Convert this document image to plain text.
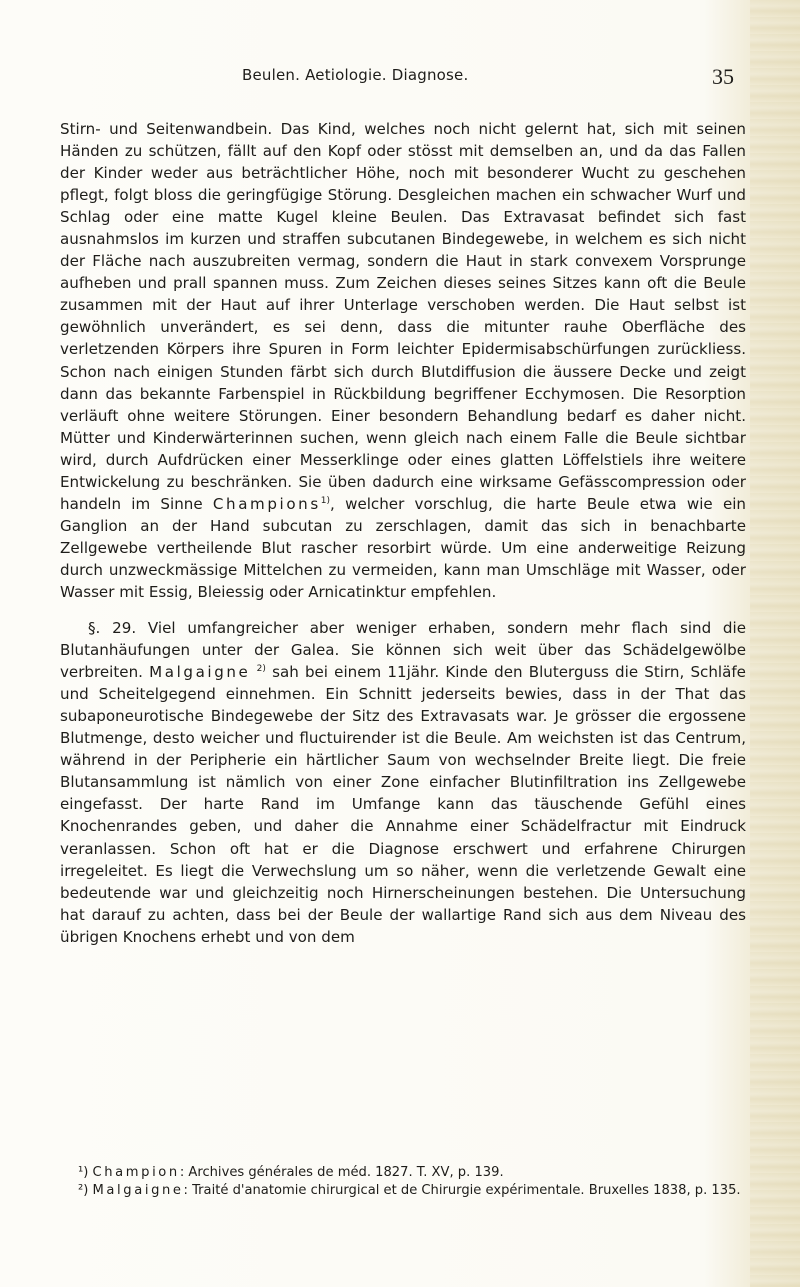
Beulen. Aetiologie. Diagnose.	35

Stirn- und Seitenwandbein. Das Kind, welches noch nicht gelernt hat, sich mit seinen Händen zu schützen, fällt auf den Kopf oder stösst mit demselben an, und da das Fallen der Kinder weder aus beträchtlicher Höhe, noch mit besonderer Wucht zu geschehen pflegt, folgt bloss die geringfügige Störung. Desgleichen machen ein schwacher Wurf und Schlag oder eine matte Kugel kleine Beulen. Das Extravasat befindet sich fast ausnahmslos im kurzen und straffen subcutanen Bindegewebe, in welchem es sich nicht der Fläche nach auszubreiten vermag, sondern die Haut in stark convexem Vorsprunge aufheben und prall spannen muss. Zum Zeichen dieses seines Sitzes kann oft die Beule zusammen mit der Haut auf ihrer Unterlage verschoben werden. Die Haut selbst ist gewöhnlich unverändert, es sei denn, dass die mitunter rauhe Oberfläche des verletzenden Körpers ihre Spuren in Form leichter Epidermisabschürfungen zurückliess. Schon nach einigen Stunden färbt sich durch Blutdiffusion die äussere Decke und zeigt dann das bekannte Farbenspiel in Rückbildung begriffener Ecchymosen. Die Resorption verläuft ohne weitere Störungen. Einer besondern Behandlung bedarf es daher nicht. Mütter und Kinderwärterinnen suchen, wenn gleich nach einem Falle die Beule sichtbar wird, durch Aufdrücken einer Messerklinge oder eines glatten Löffelstiels ihre weitere Entwickelung zu beschränken. Sie üben dadurch eine wirksame Gefässcompression oder handeln im Sinne Champions$^{1)}$, welcher vorschlug, die harte Beule etwa wie ein Ganglion an der Hand subcutan zu zerschlagen, damit das sich in benachbarte Zellgewebe vertheilende Blut rascher resorbirt würde. Um eine anderweitige Reizung durch unzweckmässige Mittelchen zu vermeiden, kann man Umschläge mit Wasser, oder Wasser mit Essig, Bleiessig oder Arnicatinktur empfehlen.

§. 29. Viel umfangreicher aber weniger erhaben, sondern mehr flach sind die Blutanhäufungen unter der Galea. Sie können sich weit über das Schädelgewölbe verbreiten. Malgaigne $^{2)}$ sah bei einem 11jähr. Kinde den Bluterguss die Stirn, Schläfe und Scheitelgegend einnehmen. Ein Schnitt jederseits bewies, dass in der That das subaponeurotische Bindegewebe der Sitz des Extravasats war. Je grösser die ergossene Blutmenge, desto weicher und fluctuirender ist die Beule. Am weichsten ist das Centrum, während in der Peripherie ein härtlicher Saum von wechselnder Breite liegt. Die freie Blutansammlung ist nämlich von einer Zone einfacher Blutinfiltration ins Zellgewebe eingefasst. Der harte Rand im Umfange kann das täuschende Gefühl eines Knochenrandes geben, und daher die Annahme einer Schädelfractur mit Eindruck veranlassen. Schon oft hat er die Diagnose erschwert und erfahrene Chirurgen irregeleitet. Es liegt die Verwechslung um so näher, wenn die verletzende Gewalt eine bedeutende war und gleichzeitig noch Hirnerscheinungen bestehen. Die Untersuchung hat darauf zu achten, dass bei der Beule der wallartige Rand sich aus dem Niveau des übrigen Knochens erhebt und von dem

¹) Champion: Archives générales de méd. 1827. T. XV, p. 139.

²) Malgaigne: Traité d'anatomie chirurgical et de Chirurgie expérimentale. Bruxelles 1838, p. 135.
